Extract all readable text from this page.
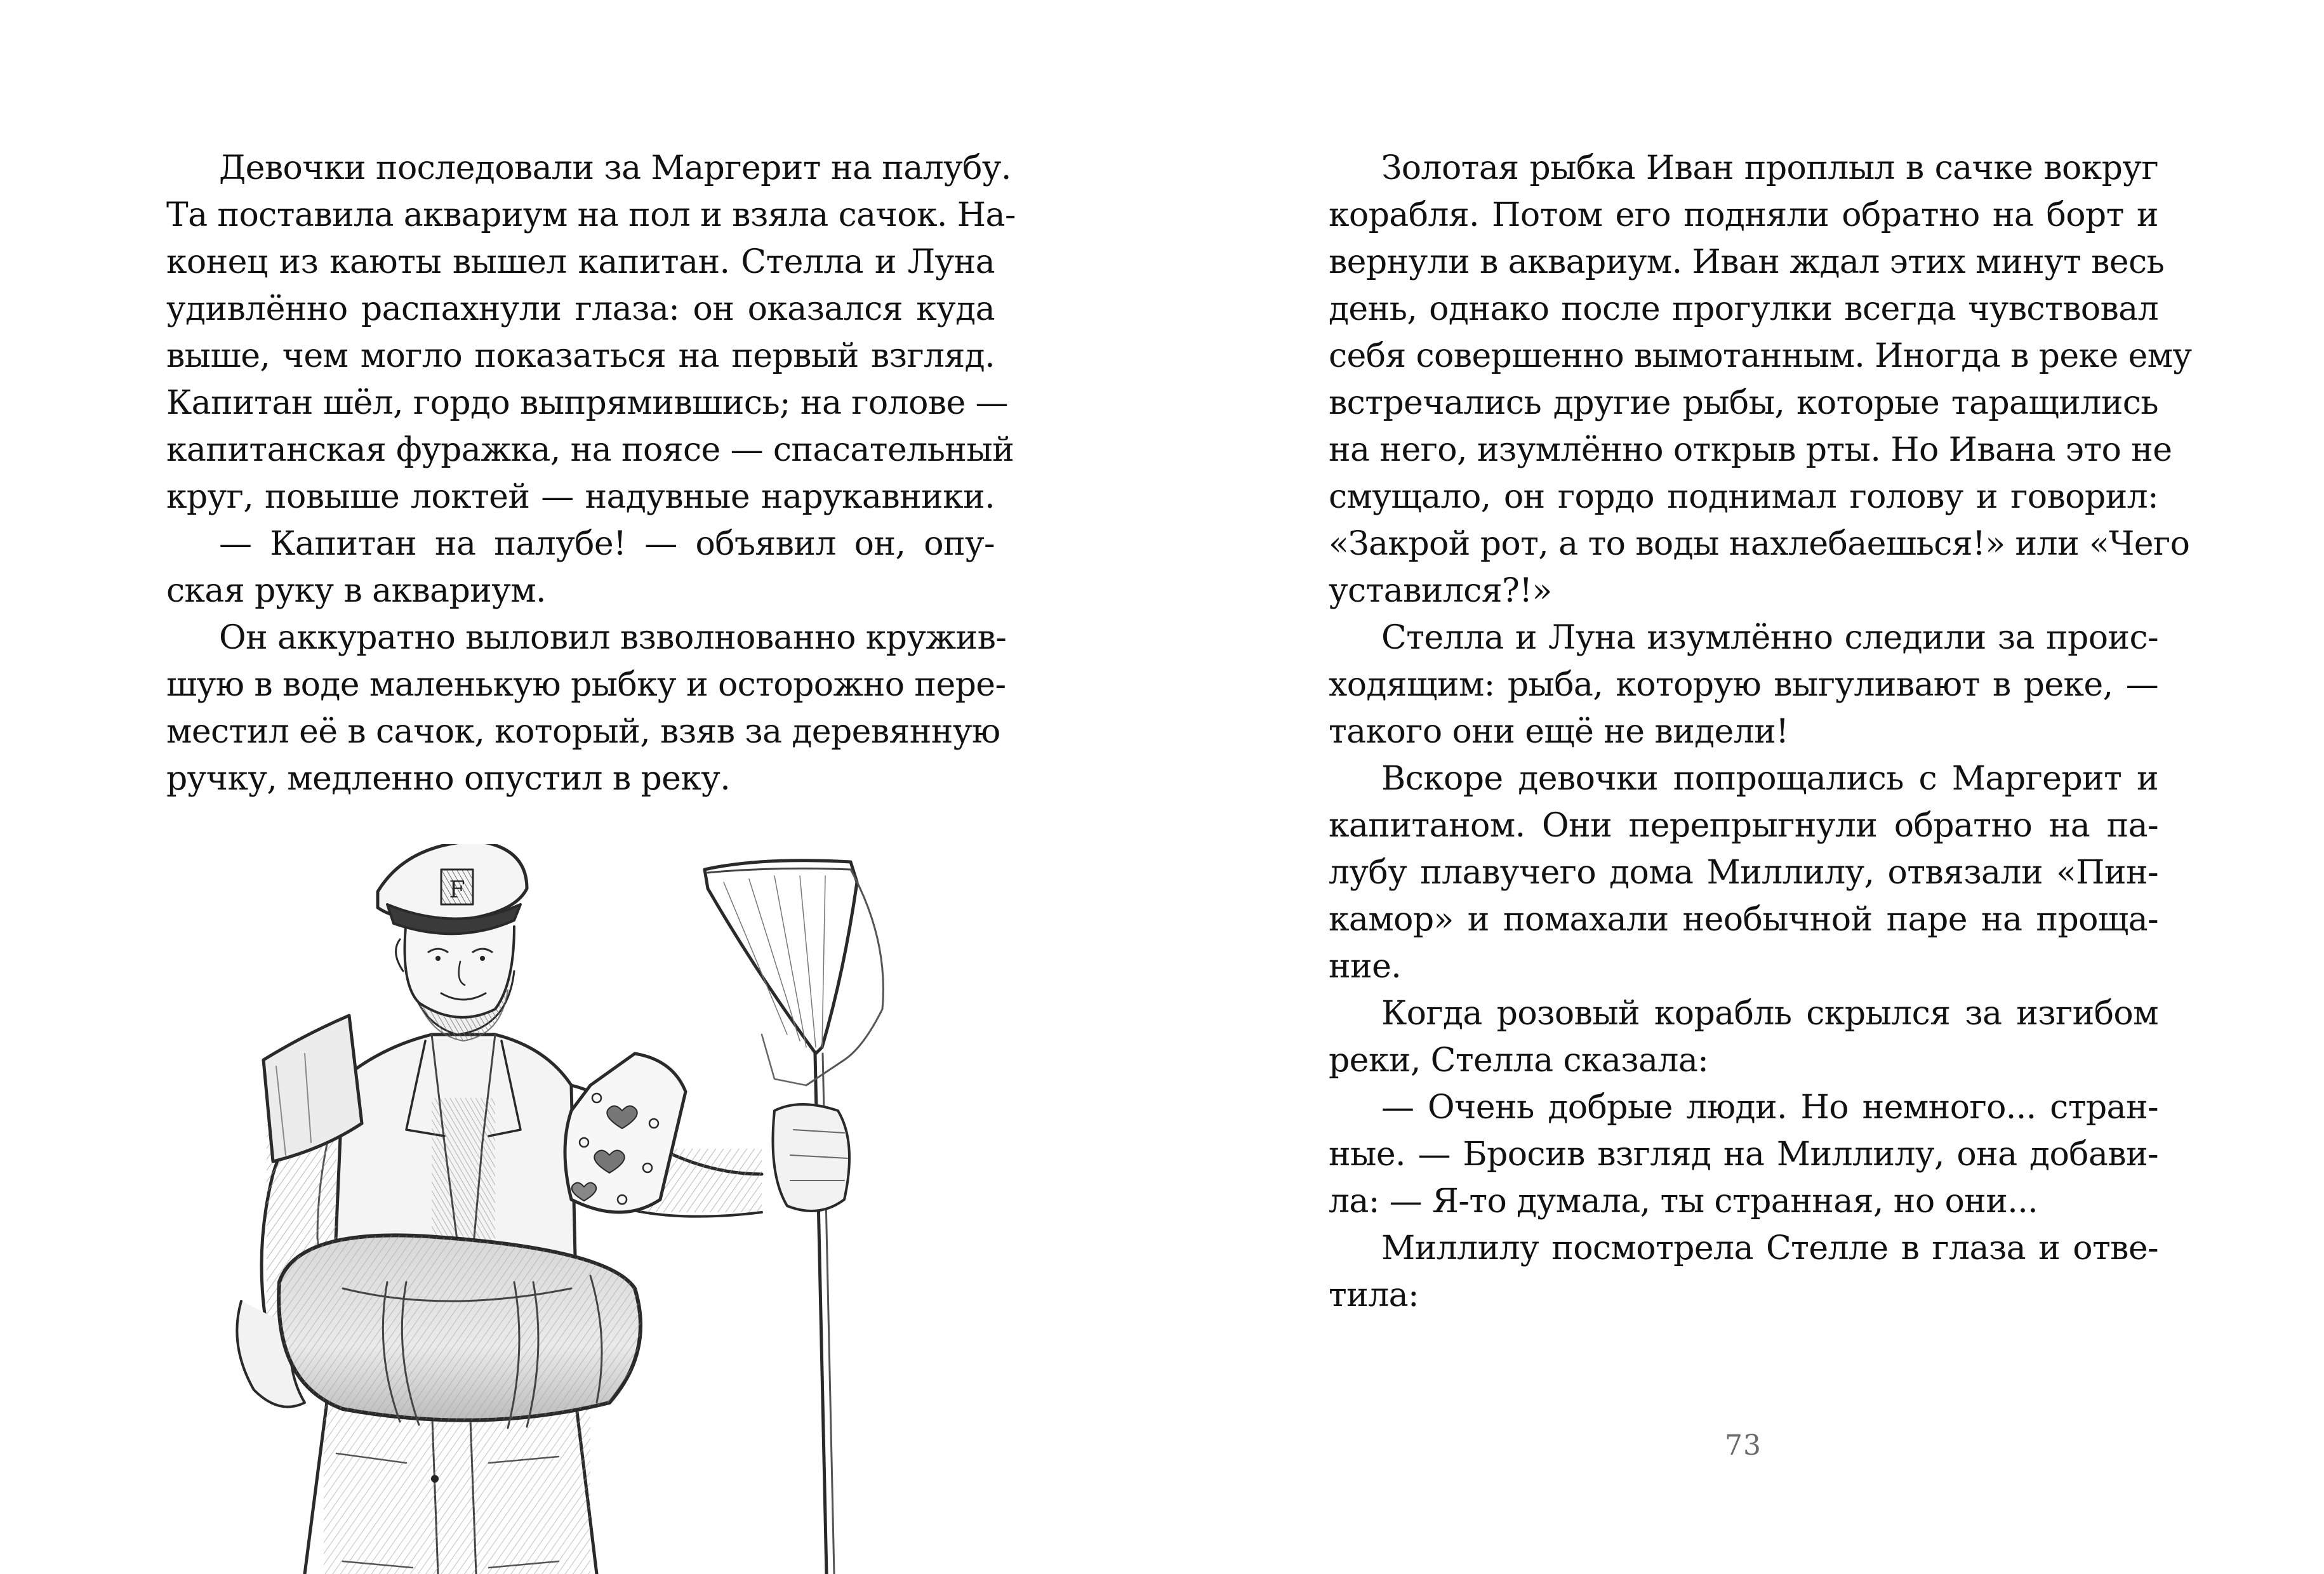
Девочки последовали за Маргерит на палубу.
Та поставила аквариум на пол и взяла сачок. На-
конец из каюты вышел капитан. Стелла и Луна
удивлённо распахнули глаза: он оказался куда
выше, чем могло показаться на первый взгляд.
Капитан шёл, гордо выпрямившись; на голове —
капитанская фуражка, на поясе — спасательный
круг, повыше локтей — надувные нарукавники.
— Капитан на палубе! — объявил он, опу-
ская руку в аквариум.
Он аккуратно выловил взволнованно кружив-
шую в воде маленькую рыбку и осторожно пере-
местил её в сачок, который, взяв за деревянную
ручку, медленно опустил в реку.
F
Золотая рыбка Иван проплыл в сачке вокруг
корабля. Потом его подняли обратно на борт и
вернули в аквариум. Иван ждал этих минут весь
день, однако после прогулки всегда чувствовал
себя совершенно вымотанным. Иногда в реке ему
встречались другие рыбы, которые таращились
на него, изумлённо открыв рты. Но Ивана это не
смущало, он гордо поднимал голову и говорил:
«Закрой рот, а то воды нахлебаешься!» или «Чего
уставился?!»
Стелла и Луна изумлённо следили за проис-
ходящим: рыба, которую выгуливают в реке, —
такого они ещё не видели!
Вскоре девочки попрощались с Маргерит и
капитаном. Они перепрыгнули обратно на па-
лубу плавучего дома Миллилу, отвязали «Пин-
камор» и помахали необычной паре на проща-
ние.
Когда розовый корабль скрылся за изгибом
реки, Стелла сказала:
— Очень добрые люди. Но немного... стран-
ные. — Бросив взгляд на Миллилу, она добави-
ла: — Я-то думала, ты странная, но они...
Миллилу посмотрела Стелле в глаза и отве-
тила:
73
